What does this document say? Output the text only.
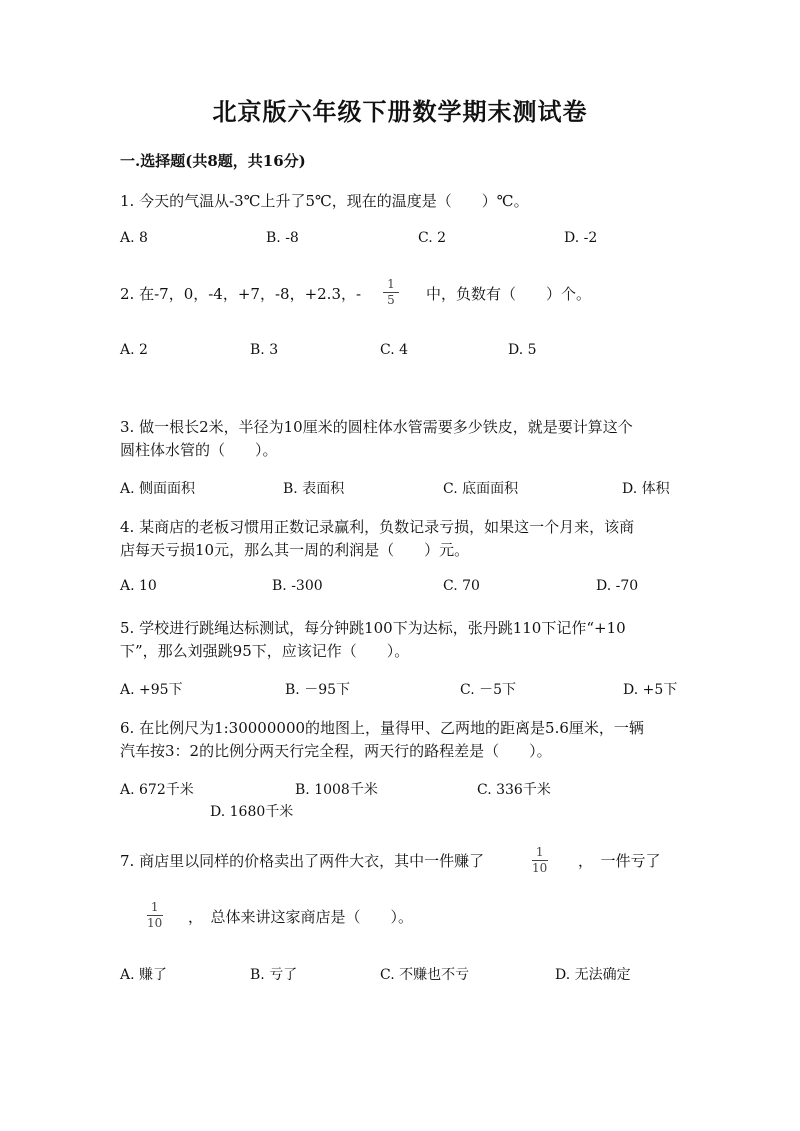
北京版六年级下册数学期末测试卷
一.选择题(共8题，共16分)
1. 今天的气温从-3℃上升了5℃，现在的温度是（　　）℃。
A. 8	B. -8	C. 2	D. -2
2. 在-7，0，-4，+7，-8，+2.3，-
1
5 中，负数有（　　）个。
A. 2	B. 3	C. 4	D. 5
3. 做一根长2米，半径为10厘米的圆柱体水管需要多少铁皮，就是要计算这个
圆柱体水管的（　　）。
A. 侧面面积	B. 表面积	C. 底面面积	D. 体积
4. 某商店的老板习惯用正数记录赢利，负数记录亏损，如果这一个月来，该商
店每天亏损10元，那么其一周的利润是（　　）元。
A. 10	B. -300	C. 70	D. -70
5. 学校进行跳绳达标测试，每分钟跳100下为达标，张丹跳110下记作“+10
下”，那么刘强跳95下，应该记作（　　）。
A. +95下	B. －95下	C. －5下	D. +5下
6. 在比例尺为1:30000000的地图上，量得甲、乙两地的距离是5.6厘米，一辆
汽车按3：2的比例分两天行完全程，两天行的路程差是（　　）。
A. 672千米	B. 1008千米	C. 336千米
D. 1680千米
7. 商店里以同样的价格卖出了两件大衣，其中一件赚了	1
10 ，　一件亏了
1
10 ，　总体来讲这家商店是（　　）。
A. 赚了	B. 亏了	C. 不赚也不亏	D. 无法确定
